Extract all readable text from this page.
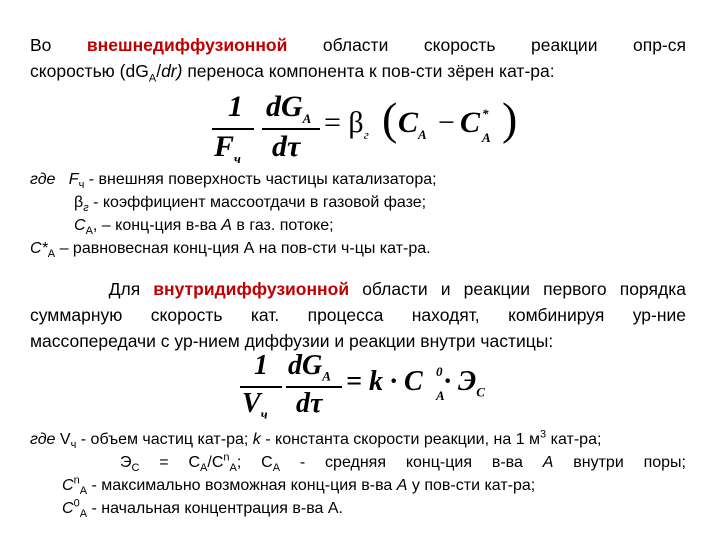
Во внешнедиффузионной области скорость реакции опр-ся
скоростью $(dG_A/dr)$ переноса компонента к пов-сти зёрен кат-ра:
1
$F_ч$
$dG_A$
dτ
= $\beta_г$ ( $C_A - C$ *
A )
где $F_ч$ - внешняя поверхность частицы катализатора;
$\beta_г$ - коэффициент массоотдачи в газовой фазе;
$C_A$, – конц-ция в-ва А в газ. потоке;
$C*_A$ – равновесная конц-ция А на пов-сти ч-цы кат-ра.
Для внутридиффузионной области и реакции первого порядка
суммарную скорость кат. процесса находят, комбинируя ур-ние
массопередачи с ур-нием диффузии и реакции внутри частицы:
1
$V_ч$
$dG_A$
dτ
= k · C 0
$A \cdot Э_C$
где $V_ч$ - объем частиц кат-ра; k - константа скорости реакции, на 1 $м^3$ кат-ра;
$Э_С = C_A/C^n_A$; $C_A$ - средняя конц-ция в-ва А внутри поры;
$C^n_A$ - максимально возможная конц-ция в-ва А у пов-сти кат-ра;
$C^0_A$ - начальная концентрация в-ва А.
